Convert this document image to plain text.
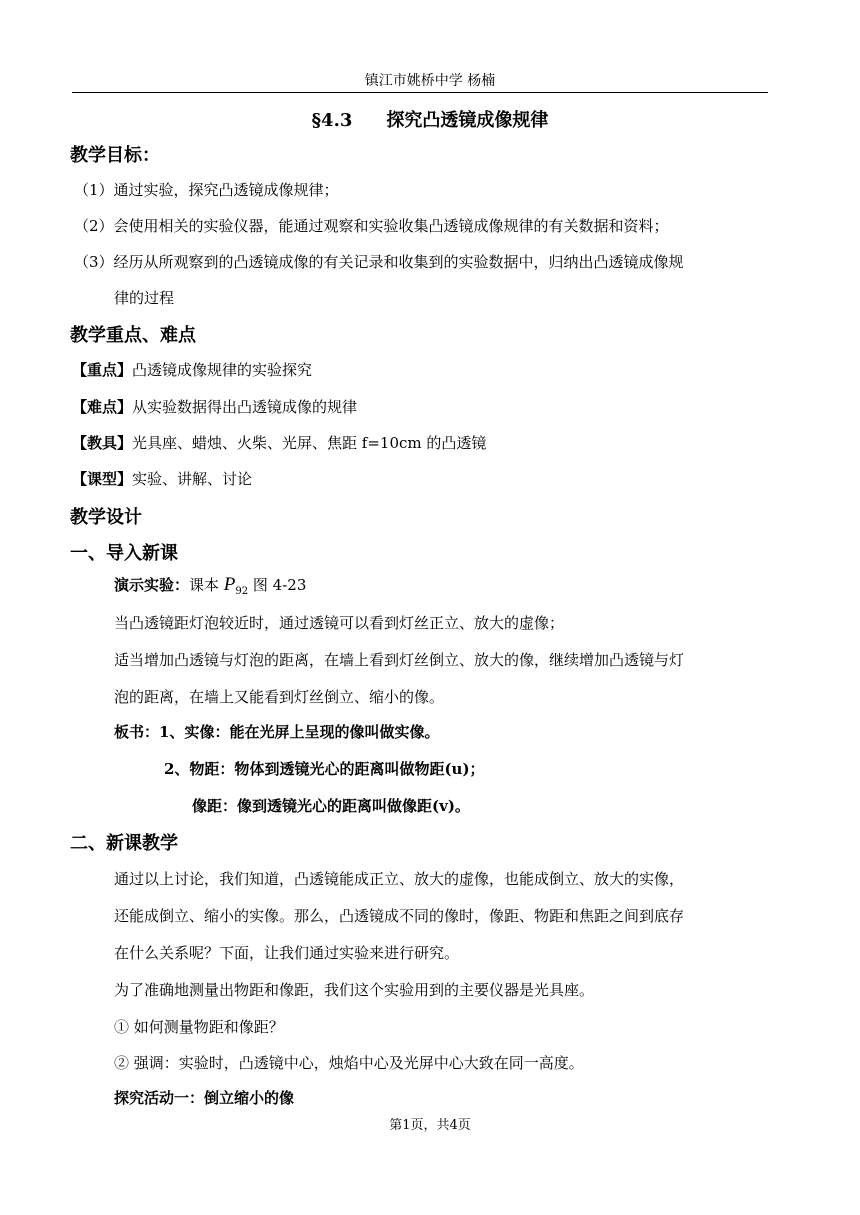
镇江市姚桥中学 杨楠
§4.3 探究凸透镜成像规律
教学目标：
（1）通过实验，探究凸透镜成像规律；
（2）会使用相关的实验仪器，能通过观察和实验收集凸透镜成像规律的有关数据和资料；
（3）经历从所观察到的凸透镜成像的有关记录和收集到的实验数据中，归纳出凸透镜成像规
律的过程
教学重点、难点
【重点】凸透镜成像规律的实验探究
【难点】从实验数据得出凸透镜成像的规律
【教具】光具座、蜡烛、火柴、光屏、焦距 f=10cm 的凸透镜
【课型】实验、讲解、讨论
教学设计
一、导入新课
演示实验：课本 $P_{92}$ 图 4-23
当凸透镜距灯泡较近时，通过透镜可以看到灯丝正立、放大的虚像；
适当增加凸透镜与灯泡的距离，在墙上看到灯丝倒立、放大的像，继续增加凸透镜与灯
泡的距离，在墙上又能看到灯丝倒立、缩小的像。
板书：1、实像：能在光屏上呈现的像叫做实像。
2、物距：物体到透镜光心的距离叫做物距(u)；
像距：像到透镜光心的距离叫做像距(v)。
二、新课教学
通过以上讨论，我们知道，凸透镜能成正立、放大的虚像，也能成倒立、放大的实像，
还能成倒立、缩小的实像。那么，凸透镜成不同的像时，像距、物距和焦距之间到底存
在什么关系呢？下面，让我们通过实验来进行研究。
为了准确地测量出物距和像距，我们这个实验用到的主要仪器是光具座。
① 如何测量物距和像距？
② 强调：实验时，凸透镜中心，烛焰中心及光屏中心大致在同一高度。
探究活动一：倒立缩小的像
第1页，共4页
